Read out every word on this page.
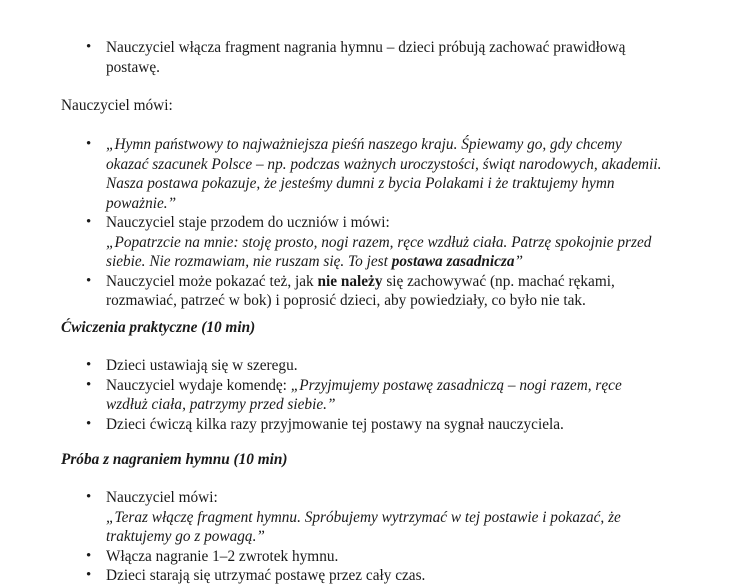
• Nauczyciel włącza fragment nagrania hymnu – dzieci próbują zachować prawidłową postawę.

Nauczyciel mówi:

• „Hymn państwowy to najważniejsza pieśń naszego kraju. Śpiewamy go, gdy chcemy okazać szacunek Polsce – np. podczas ważnych uroczystości, świąt narodowych, akademii. Nasza postawa pokazuje, że jesteśmy dumni z bycia Polakami i że traktujemy hymn poważnie.”
• Nauczyciel staje przodem do uczniów i mówi:
„Popatrzcie na mnie: stoję prosto, nogi razem, ręce wzdłuż ciała. Patrzę spokojnie przed siebie. Nie rozmawiam, nie ruszam się. To jest postawa zasadnicza”
• Nauczyciel może pokazać też, jak nie należy się zachowywać (np. machać rękami, rozmawiać, patrzeć w bok) i poprosić dzieci, aby powiedziały, co było nie tak.

Ćwiczenia praktyczne (10 min)

• Dzieci ustawiają się w szeregu.
• Nauczyciel wydaje komendę: „Przyjmujemy postawę zasadniczą – nogi razem, ręce wzdłuż ciała, patrzymy przed siebie.”
• Dzieci ćwiczą kilka razy przyjmowanie tej postawy na sygnał nauczyciela.

Próba z nagraniem hymnu (10 min)

• Nauczyciel mówi:
„Teraz włączę fragment hymnu. Spróbujemy wytrzymać w tej postawie i pokazać, że traktujemy go z powagą.”
• Włącza nagranie 1–2 zwrotek hymnu.
• Dzieci starają się utrzymać postawę przez cały czas.
